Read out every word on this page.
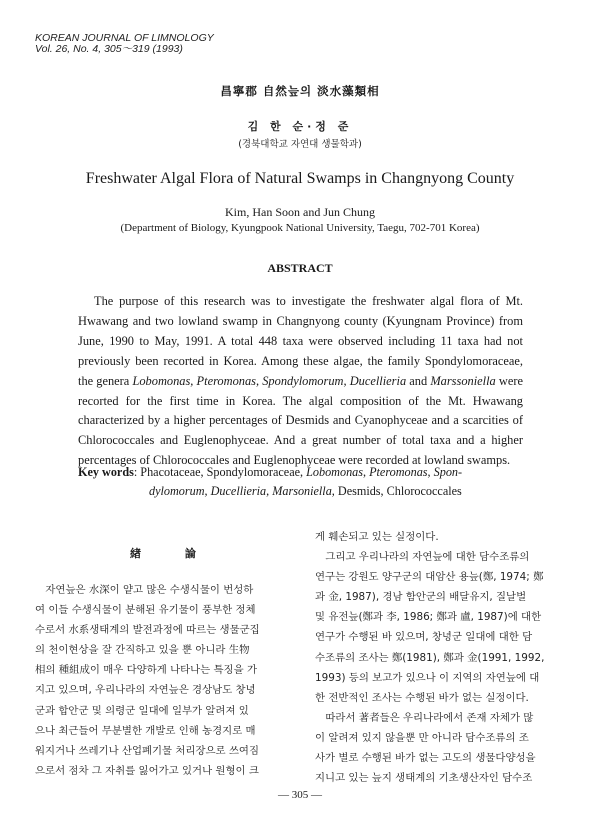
KOREAN JOURNAL OF LIMNOLOGY
Vol. 26, No. 4, 305～319 (1993)
昌寧郡 自然늪의 淡水藻類相
김 한 순·정 준
(경북대학교 자연대 생물학과)
Freshwater Algal Flora of Natural Swamps in Changnyong County
Kim, Han Soon and Jun Chung
(Department of Biology, Kyungpook National University, Taegu, 702-701 Korea)
ABSTRACT
The purpose of this research was to investigate the freshwater algal flora of Mt.
Hwawang and two lowland swamp in Changnyong county (Kyungnam Province) from
June, 1990 to May, 1991. A total 448 taxa were observed including 11 taxa had not
previously been recorted in Korea. Among these algae, the family Spondylomoraceae,
the genera Lobomonas, Pteromonas, Spondylomorum, Ducellieria and Marssoniella were
recorted for the first time in Korea. The algal composition of the Mt. Hwawang
characterized by a higher percentages of Desmids and Cyanophyceae and a scarcities of
Chlorococcales and Euglenophyceae. And a great number of total taxa and a higher
percentages of Chlorococcales and Euglenophyceae were recorded at lowland swamps.
Key words: Phacotaceae, Spondylomoraceae, Lobomonas, Pteromonas, Spon-
dylomorum, Ducellieria, Marsoniella, Desmids, Chlorococcales
緖 論
　자연늪은 水深이 얕고 많은 수생식물이 번성하
여 이들 수생식물이 분해된 유기물이 풍부한 정체
수로서 水系생태계의 발전과정에 따르는 생물군집
의 천이현상을 잘 간직하고 있을 뿐 아니라 生物
相의 種組成이 매우 다양하게 나타나는 특징을 가
지고 있으며, 우리나라의 자연늪은 경상남도 창녕
군과 합안군 및 의령군 일대에 일부가 알려져 있
으나 최근들어 무분별한 개발로 인해 농경지로 매
워지거나 쓰레기나 산업폐기물 처리장으로 쓰여짐
으로서 점차 그 자취를 잃어가고 있거나 원형이 크
게 훼손되고 있는 실정이다.
　그리고 우리나라의 자연늪에 대한 담수조류의
연구는 강원도 양구군의 대암산 용늪(鄭, 1974; 鄭
과 金, 1987), 경남 함안군의 배달유지, 질날벌
및 유전늪(鄭과 李, 1986; 鄭과 盧, 1987)에 대한
연구가 수행된 바 있으며, 창녕군 일대에 대한 담
수조류의 조사는 鄭(1981), 鄭과 金(1991, 1992,
1993) 등의 보고가 있으나 이 지역의 자연늪에 대
한 전반적인 조사는 수행된 바가 없는 실정이다.
　따라서 著者들은 우리나라에서 존재 자체가 많
이 알려져 있지 않을뿐 만 아니라 담수조류의 조
사가 별로 수행된 바가 없는 고도의 생물다양성을
지니고 있는 늪지 생태계의 기초생산자인 담수조
— 305 —
